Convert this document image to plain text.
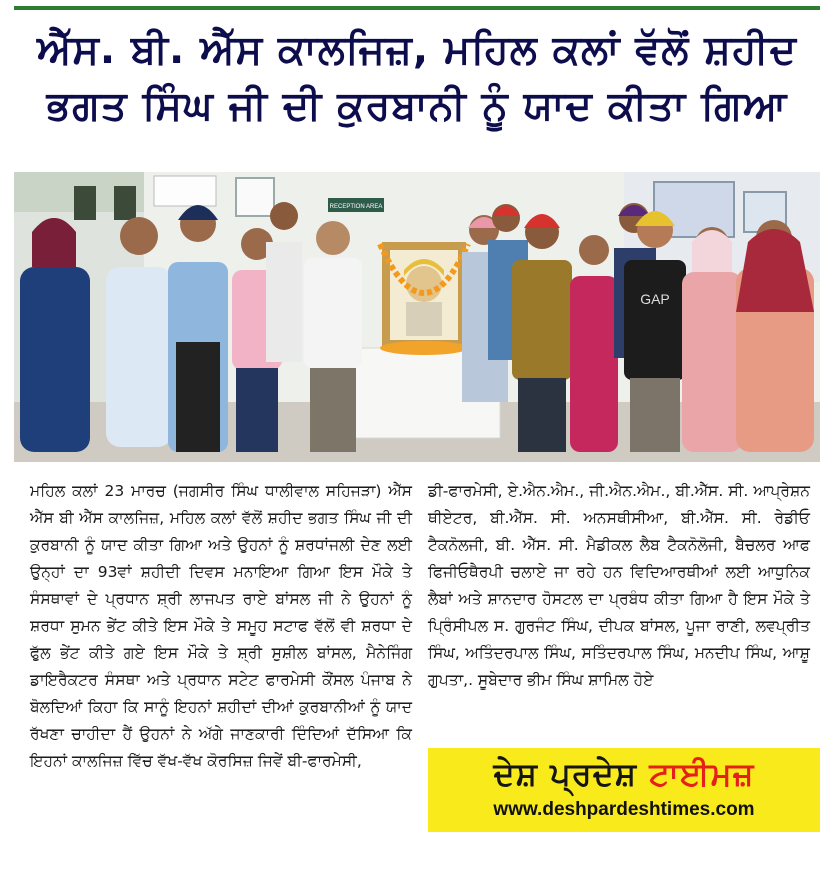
ਐੱਸ. ਬੀ. ਐੱਸ ਕਾਲਜਿਜ਼, ਮਹਿਲ ਕਲਾਂ ਵੱਲੋਂ ਸ਼ਹੀਦ
ਭਗਤ ਸਿੰਘ ਜੀ ਦੀ ਕੁਰਬਾਨੀ ਨੂੰ ਯਾਦ ਕੀਤਾ ਗਿਆ
RECEPTION AREA
GAP
ਮਹਿਲ ਕਲਾਂ 23 ਮਾਰਚ (ਜਗਸੀਰ ਸਿੰਘ ਧਾਲੀਵਾਲ ਸਹਿਜੜਾ) ਐੱਸ ਐੱਸ ਬੀ ਐੱਸ ਕਾਲਜਿਜ਼, ਮਹਿਲ ਕਲਾਂ ਵੱਲੋਂ ਸ਼ਹੀਦ ਭਗਤ ਸਿੰਘ ਜੀ ਦੀ ਕੁਰਬਾਨੀ ਨੂੰ ਯਾਦ ਕੀਤਾ ਗਿਆ ਅਤੇ ਉਹਨਾਂ ਨੂੰ ਸ਼ਰਧਾਂਜਲੀ ਦੇਣ ਲਈ ਉਨ੍ਹਾਂ ਦਾ 93ਵਾਂ ਸ਼ਹੀਦੀ ਦਿਵਸ ਮਨਾਇਆ ਗਿਆ ਇਸ ਮੌਕੇ ਤੇ ਸੰਸਥਾਵਾਂ ਦੇ ਪ੍ਰਧਾਨ ਸ਼੍ਰੀ ਲਾਜਪਤ ਰਾਏ ਬਾਂਸਲ ਜੀ ਨੇ ਉਹਨਾਂ ਨੂੰ ਸ਼ਰਧਾ ਸੁਮਨ ਭੇਂਟ ਕੀਤੇ ਇਸ ਮੌਕੇ ਤੇ ਸਮੂਹ ਸਟਾਫ ਵੱਲੋਂ ਵੀ ਸ਼ਰਧਾ ਦੇ ਫੁੱਲ ਭੇਂਟ ਕੀਤੇ ਗਏ ਇਸ ਮੌਕੇ ਤੇ ਸ਼੍ਰੀ ਸੁਸ਼ੀਲ ਬਾਂਸਲ, ਮੈਨੇਜਿੰਗ ਡਾਇਰੈਕਟਰ ਸੰਸਥਾ ਅਤੇ ਪ੍ਰਧਾਨ ਸਟੇਟ ਫਾਰਮੇਸੀ ਕੌਂਸਲ ਪੰਜਾਬ ਨੇ ਬੋਲਦਿਆਂ ਕਿਹਾ ਕਿ ਸਾਨੂੰ ਇਹਨਾਂ ਸ਼ਹੀਦਾਂ ਦੀਆਂ ਕੁਰਬਾਨੀਆਂ ਨੂੰ ਯਾਦ ਰੱਖਣਾ ਚਾਹੀਦਾ ਹੈਂ ਉਹਨਾਂ ਨੇ ਅੱਗੇ ਜਾਣਕਾਰੀ ਦਿੰਦਿਆਂ ਦੱਸਿਆ ਕਿ ਇਹਨਾਂ ਕਾਲਜਿਜ਼ ਵਿੱਚ ਵੱਖ-ਵੱਖ ਕੋਰਸਿਜ਼ ਜਿਵੇਂ ਬੀ-ਫਾਰਮੇਸੀ,
ਡੀ-ਫਾਰਮੇਸੀ, ਏ.ਐਨ.ਐਮ., ਜੀ.ਐਨ.ਐਮ., ਬੀ.ਐੱਸ. ਸੀ. ਆਪ੍ਰੇਸ਼ਨ ਥੀਏਟਰ, ਬੀ.ਐੱਸ. ਸੀ. ਅਨਸਥੀਸੀਆ, ਬੀ.ਐੱਸ. ਸੀ. ਰੇਡੀਓ ਟੈਕਨੋਲਜੀ, ਬੀ. ਐੱਸ. ਸੀ. ਮੈਡੀਕਲ ਲੈਬ ਟੈਕਨੋਲੋਜੀ, ਬੈਚਲਰ ਆਫ ਫਿਜੀਓਥੈਰਪੀ ਚਲਾਏ ਜਾ ਰਹੇ ਹਨ ਵਿਦਿਆਰਥੀਆਂ ਲਈ ਆਧੁਨਿਕ ਲੈਬਾਂ ਅਤੇ ਸ਼ਾਨਦਾਰ ਹੋਸਟਲ ਦਾ ਪ੍ਰਬੰਧ ਕੀਤਾ ਗਿਆ ਹੈ ਇਸ ਮੌਕੇ ਤੇ ਪ੍ਰਿੰਸੀਪਲ ਸ. ਗੁਰਜੰਟ ਸਿੰਘ, ਦੀਪਕ ਬਾਂਸਲ, ਪੂਜਾ ਰਾਣੀ, ਲਵਪ੍ਰੀਤ ਸਿੰਘ, ਅਤਿੰਦਰਪਾਲ ਸਿੰਘ, ਸਤਿੰਦਰਪਾਲ ਸਿੰਘ, ਮਨਦੀਪ ਸਿੰਘ, ਆਸ਼ੂ ਗੁਪਤਾ,. ਸੂਬੇਦਾਰ ਭੀਮ ਸਿੰਘ ਸ਼ਾਮਿਲ ਹੋਏ
ਦੇਸ਼ ਪ੍ਰਦੇਸ਼ ਟਾਈਮਜ਼
www.deshpardeshtimes.com
